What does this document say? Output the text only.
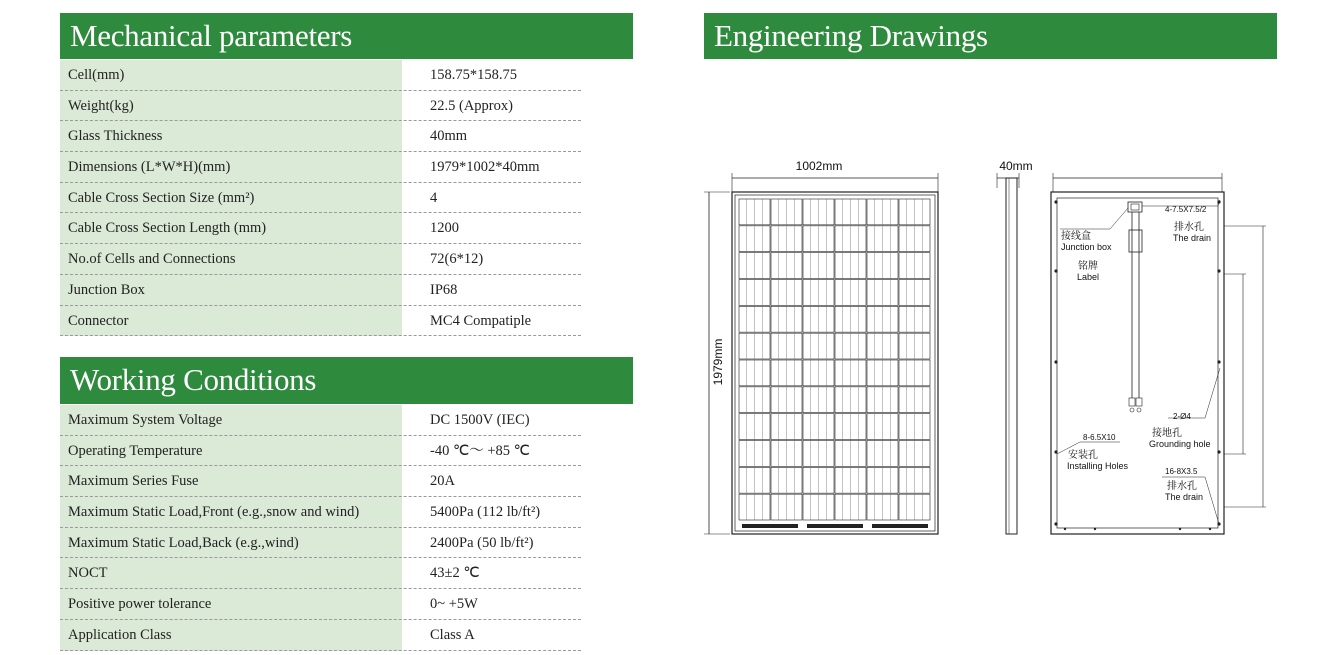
Mechanical parameters
Cell(mm)	158.75*158.75
Weight(kg)	22.5 (Approx)
Glass Thickness	40mm
Dimensions (L*W*H)(mm)	1979*1002*40mm
Cable Cross Section Size (mm²)	4
Cable Cross Section Length (mm)	1200
No.of Cells and Connections	72(6*12)
Junction Box	IP68
Connector	MC4 Compatiple
Working Conditions
Maximum System Voltage	DC 1500V (IEC)
Operating Temperature	-40 ℃～ +85 ℃
Maximum Series Fuse	20A
Maximum Static Load,Front (e.g.,snow and wind)	5400Pa (112 lb/ft²)
Maximum Static Load,Back (e.g.,wind)	2400Pa (50 lb/ft²)
NOCT	43±2 ℃
Positive power tolerance	0~ +5W
Application Class	Class A
Engineering Drawings
1002mm
1979mm
40mm
接线盒
Junction box
铭牌
Label
4-7.5X7.5/2
排水孔
The drain
2-Ø4
接地孔
Grounding hole
8-6.5X10
安装孔
Installing Holes
16-8X3.5
排水孔
The drain
